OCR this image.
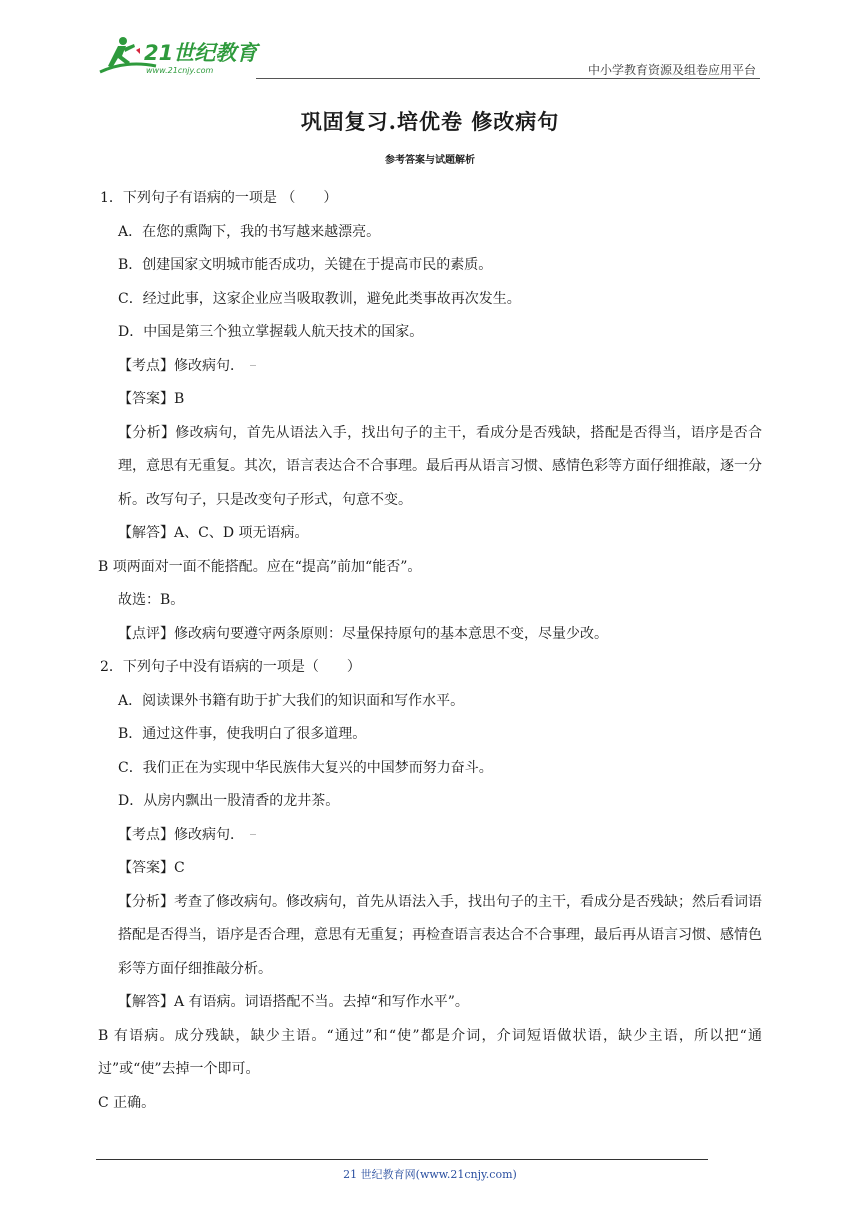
21世纪教育
www.21cnjy.com	中小学教育资源及组卷应用平台
巩固复习.培优卷 修改病句
参考答案与试题解析
1．下列句子有语病的一项是 （　　）
A．在您的熏陶下，我的书写越来越漂亮。
B．创建国家文明城市能否成功，关键在于提高市民的素质。
C．经过此事，这家企业应当吸取教训，避免此类事故再次发生。
D．中国是第三个独立掌握载人航天技术的国家。
【考点】修改病句．
【答案】B
【分析】修改病句，首先从语法入手，找出句子的主干，看成分是否残缺，搭配是否得当，语序是否合理，意思有无重复。其次，语言表达合不合事理。最后再从语言习惯、感情色彩等方面仔细推敲，逐一分析。改写句子，只是改变句子形式，句意不变。
【解答】A、C、D 项无语病。
B 项两面对一面不能搭配。应在“提高”前加“能否”。
故选：B。
【点评】修改病句要遵守两条原则：尽量保持原句的基本意思不变，尽量少改。
2．下列句子中没有语病的一项是（　　）
A．阅读课外书籍有助于扩大我们的知识面和写作水平。
B．通过这件事，使我明白了很多道理。
C．我们正在为实现中华民族伟大复兴的中国梦而努力奋斗。
D．从房内飘出一股清香的龙井茶。
【考点】修改病句．
【答案】C
【分析】考查了修改病句。修改病句，首先从语法入手，找出句子的主干，看成分是否残缺；然后看词语搭配是否得当，语序是否合理，意思有无重复；再检查语言表达合不合事理，最后再从语言习惯、感情色彩等方面仔细推敲分析。
【解答】A 有语病。词语搭配不当。去掉“和写作水平”。
B 有语病。成分残缺，缺少主语。“通过”和“使”都是介词，介词短语做状语，缺少主语，所以把“通过”或“使”去掉一个即可。
C 正确。
21 世纪教育网(www.21cnjy.com)
